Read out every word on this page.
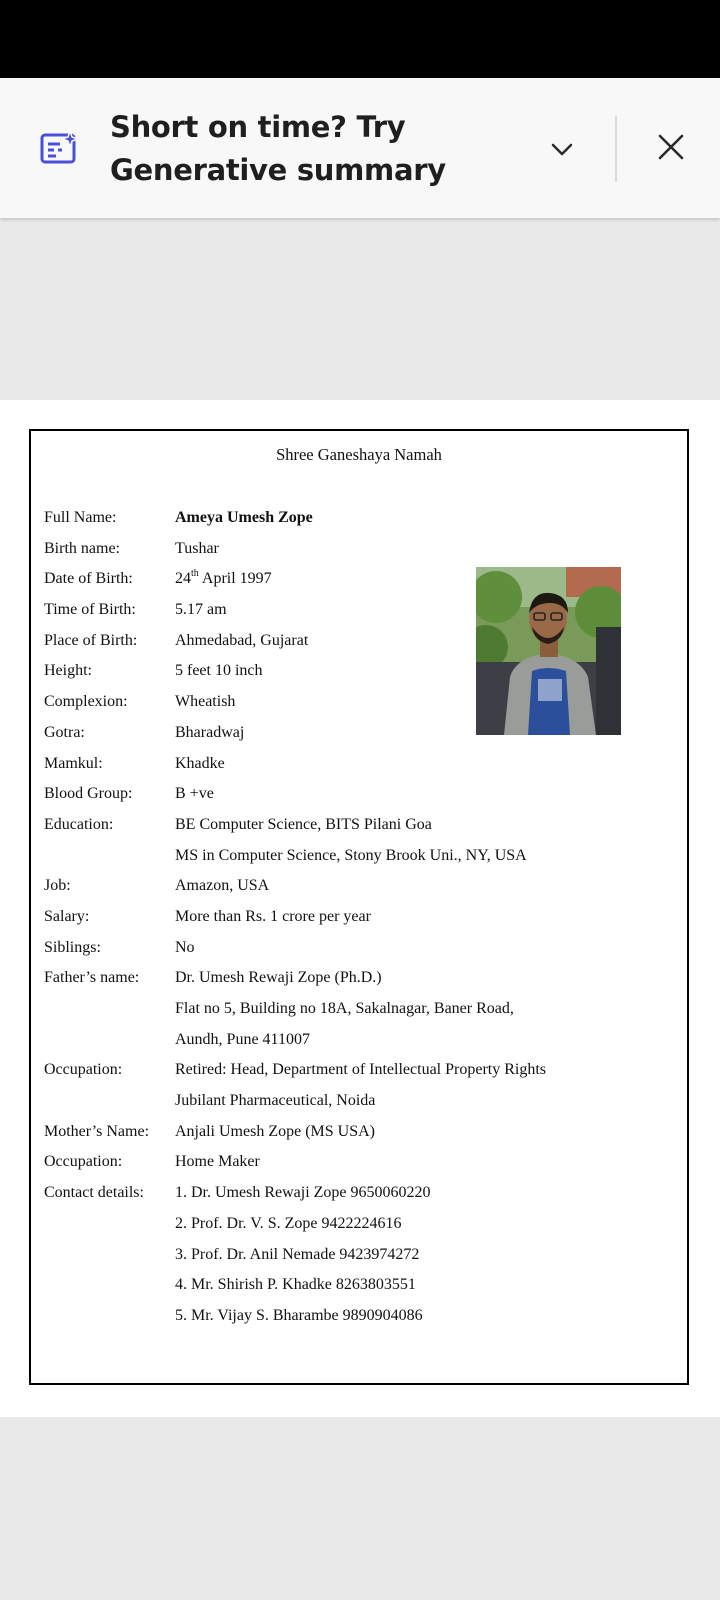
Short on time? Try
Generative summary
Shree Ganeshaya Namah
Full Name:	Ameya Umesh Zope
Birth name:	Tushar
Date of Birth:	24th April 1997
Time of Birth: 5.17 am
Place of Birth: Ahmedabad, Gujarat
Height:	5 feet 10 inch
Complexion:	Wheatish
Gotra:	Bharadwaj
Mamkul:	Khadke
Blood Group:	B +ve
Education:	BE Computer Science, BITS Pilani Goa
MS in Computer Science, Stony Brook Uni., NY, USA
Job:	Amazon, USA
Salary:	More than Rs. 1 crore per year
Siblings:	No
Father’s name: Dr. Umesh Rewaji Zope (Ph.D.)
Flat no 5, Building no 18A, Sakalnagar, Baner Road,
Aundh, Pune 411007
Occupation:	Retired: Head, Department of Intellectual Property Rights
Jubilant Pharmaceutical, Noida
Mother’s Name: Anjali Umesh Zope (MS USA)
Occupation:	Home Maker
Contact details: 1. Dr. Umesh Rewaji Zope 9650060220
2. Prof. Dr. V. S. Zope 9422224616
3. Prof. Dr. Anil Nemade 9423974272
4. Mr. Shirish P. Khadke 8263803551
5. Mr. Vijay S. Bharambe 9890904086
